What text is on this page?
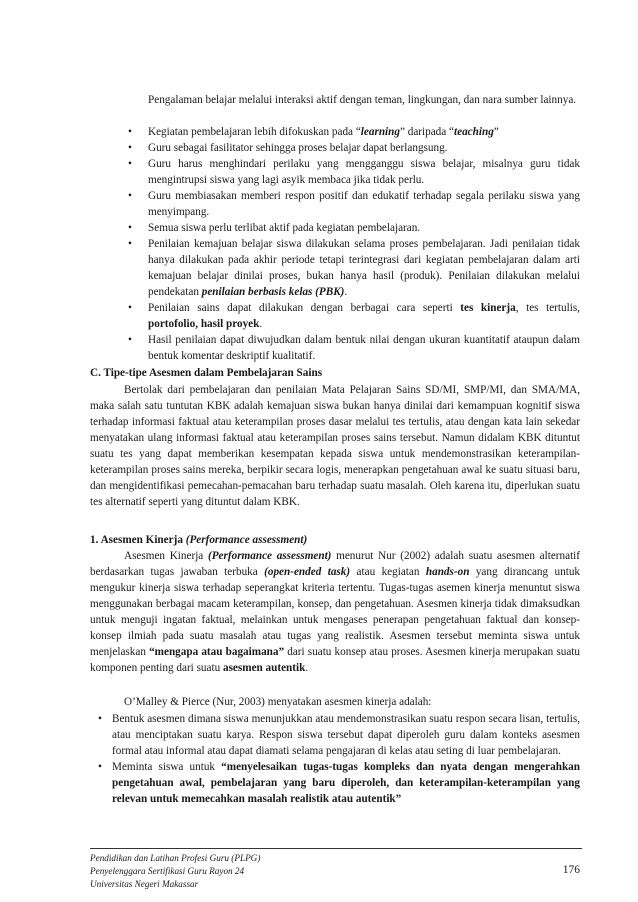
Pengalaman belajar melalui interaksi aktif dengan teman, lingkungan, dan nara sumber lainnya.
• Kegiatan pembelajaran lebih difokuskan pada “learning” daripada “teaching”
• Guru sebagai fasilitator sehingga proses belajar dapat berlangsung.
• Guru harus menghindari perilaku yang mengganggu siswa belajar, misalnya guru tidak mengintrupsi siswa yang lagi asyik membaca jika tidak perlu.
• Guru membiasakan memberi respon positif dan edukatif terhadap segala perilaku siswa yang menyimpang.
• Semua siswa perlu terlibat aktif pada kegiatan pembelajaran.
• Penilaian kemajuan belajar siswa dilakukan selama proses pembelajaran. Jadi penilaian tidak hanya dilakukan pada akhir periode tetapi terintegrasi dari kegiatan pembelajaran dalam arti kemajuan belajar dinilai proses, bukan hanya hasil (produk). Penilaian dilakukan melalui pendekatan penilaian berbasis kelas (PBK).
• Penilaian sains dapat dilakukan dengan berbagai cara seperti tes kinerja, tes tertulis, portofolio, hasil proyek.
• Hasil penilaian dapat diwujudkan dalam bentuk nilai dengan ukuran kuantitatif ataupun dalam bentuk komentar deskriptif kualitatif.
C. Tipe-tipe Asesmen dalam Pembelajaran Sains
Bertolak dari pembelajaran dan penilaian Mata Pelajaran Sains SD/MI, SMP/MI, dan SMA/MA, maka salah satu tuntutan KBK adalah kemajuan siswa bukan hanya dinilai dari kemampuan kognitif siswa terhadap informasi faktual atau keterampilan proses dasar melalui tes tertulis, atau dengan kata lain sekedar menyatakan ulang informasi faktual atau keterampilan proses sains tersebut. Namun didalam KBK dituntut suatu tes yang dapat memberikan kesempatan kepada siswa untuk mendemonstrasikan keterampilan-keterampilan proses sains mereka, berpikir secara logis, menerapkan pengetahuan awal ke suatu situasi baru, dan mengidentifikasi pemecahan-pemacahan baru terhadap suatu masalah. Oleh karena itu, diperlukan suatu tes alternatif seperti yang dituntut dalam KBK.
1. Asesmen Kinerja (Performance assessment)
Asesmen Kinerja (Performance assessment) menurut Nur (2002) adalah suatu asesmen alternatif berdasarkan tugas jawaban terbuka (open-ended task) atau kegiatan hands-on yang dirancang untuk mengukur kinerja siswa terhadap seperangkat kriteria tertentu. Tugas-tugas asemen kinerja menuntut siswa menggunakan berbagai macam keterampilan, konsep, dan pengetahuan. Asesmen kinerja tidak dimaksudkan untuk menguji ingatan faktual, melainkan untuk mengases penerapan pengetahuan faktual dan konsep-konsep ilmiah pada suatu masalah atau tugas yang realistik. Asesmen tersebut meminta siswa untuk menjelaskan “mengapa atau bagaimana” dari suatu konsep atau proses. Asesmen kinerja merupakan suatu komponen penting dari suatu asesmen autentik.
O’Malley & Pierce (Nur, 2003) menyatakan asesmen kinerja adalah:
• Bentuk asesmen dimana siswa menunjukkan atau mendemonstrasikan suatu respon secara lisan, tertulis, atau menciptakan suatu karya. Respon siswa tersebut dapat diperoleh guru dalam konteks asesmen formal atau informal atau dapat diamati selama pengajaran di kelas atau seting di luar pembelajaran.
• Meminta siswa untuk “menyelesaikan tugas-tugas kompleks dan nyata dengan mengerahkan pengetahuan awal, pembelajaran yang baru diperoleh, dan keterampilan-keterampilan yang relevan untuk memecahkan masalah realistik atau autentik”
Pendidikan dan Latihan Profesi Guru (PLPG)
Penyelenggara Sertifikasi Guru Rayon 24
Universitas Negeri Makassar
176
